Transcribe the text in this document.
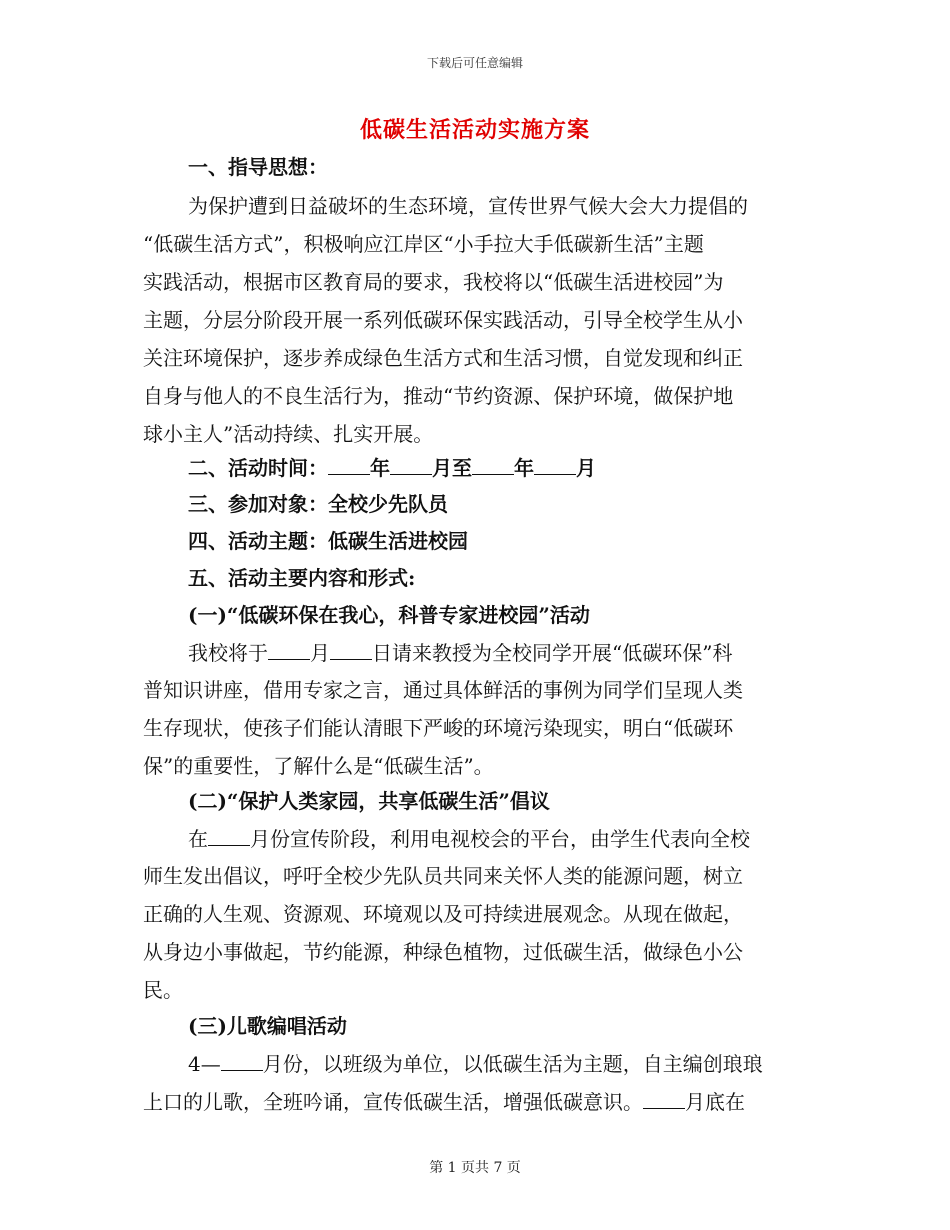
下载后可任意编辑
低碳生活活动实施方案
一、指导思想：
为保护遭到日益破坏的生态环境，宣传世界气候大会大力提倡的
“低碳生活方式”，积极响应江岸区“小手拉大手低碳新生活”主题
实践活动，根据市区教育局的要求，我校将以“低碳生活进校园”为
主题，分层分阶段开展一系列低碳环保实践活动，引导全校学生从小
关注环境保护，逐步养成绿色生活方式和生活习惯，自觉发现和纠正
自身与他人的不良生活行为，推动“节约资源、保护环境，做保护地
球小主人”活动持续、扎实开展。
二、活动时间： 年 月至 年 月
三、参加对象：全校少先队员
四、活动主题：低碳生活进校园
五、活动主要内容和形式:
(一)“低碳环保在我心，科普专家进校园”活动
我校将于 月 日请来教授为全校同学开展“低碳环保”科
普知识讲座，借用专家之言，通过具体鲜活的事例为同学们呈现人类
生存现状，使孩子们能认清眼下严峻的环境污染现实，明白“低碳环
保”的重要性，了解什么是“低碳生活”。
(二)“保护人类家园，共享低碳生活”倡议
在 月份宣传阶段，利用电视校会的平台，由学生代表向全校
师生发出倡议，呼吁全校少先队员共同来关怀人类的能源问题，树立
正确的人生观、资源观、环境观以及可持续进展观念。从现在做起，
从身边小事做起，节约能源，种绿色植物，过低碳生活，做绿色小公
民。
(三)儿歌编唱活动
4— 月份，以班级为单位，以低碳生活为主题，自主编创琅琅
上口的儿歌，全班吟诵，宣传低碳生活，增强低碳意识。 月底在
第 1 页共 7 页
